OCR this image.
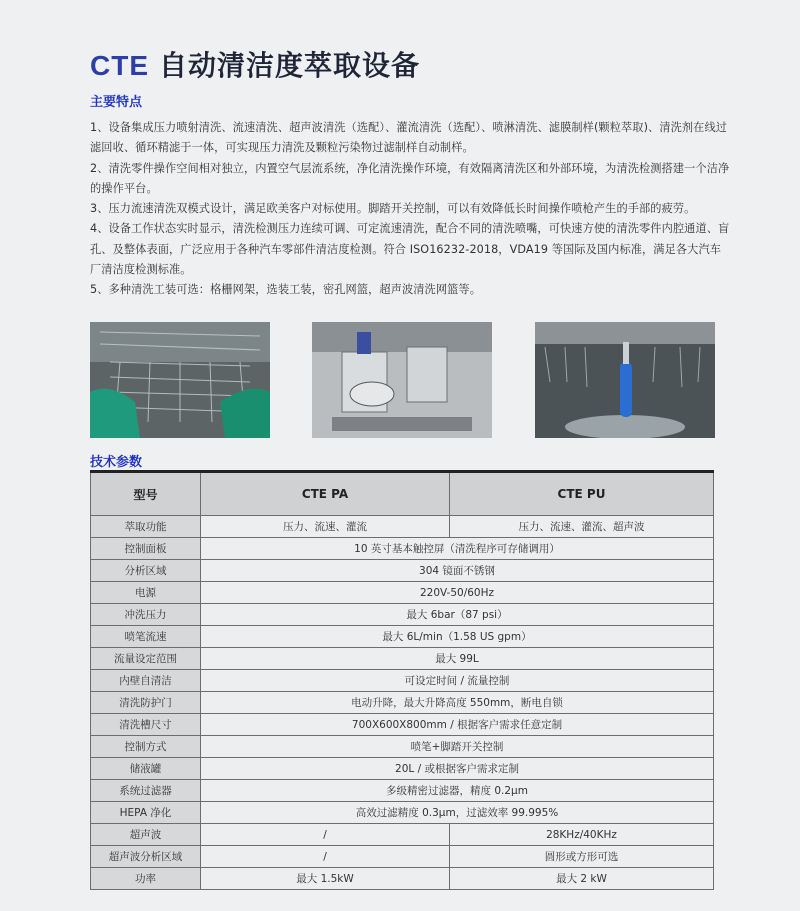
CTE 自动清洁度萃取设备
主要特点

1、设备集成压力喷射清洗、流速清洗、超声波清洗（选配）、灌流清洗（选配）、喷淋清洗、滤膜制样(颗粒萃取)、清洗剂在线过滤回收、循环精滤于一体，可实现压力清洗及颗粒污染物过滤制样自动制样。

2、清洗零件操作空间相对独立，内置空气层流系统，净化清洗操作环境，有效隔离清洗区和外部环境，为清洗检测搭建一个洁净的操作平台。

3、压力流速清洗双模式设计，满足欧美客户对标使用。脚踏开关控制，可以有效降低长时间操作喷枪产生的手部的疲劳。

4、设备工作状态实时显示，清洗检测压力连续可调、可定流速清洗，配合不同的清洗喷嘴，可快速方使的清洗零件内腔通道、盲孔、及整体表面，广泛应用于各种汽车零部件清洁度检测。符合 ISO16232-2018，VDA19 等国际及国内标准，满足各大汽车厂清洁度检测标准。

5、多种清洗工装可选：格栅网架，选装工装，密孔网篮，超声波清洗网篮等。

技术参数
型号	CTE PA	CTE PU
萃取功能	压力、流速、灌流	压力、流速、灌流、超声波
控制面板	10 英寸基本触控屏（清洗程序可存储调用）	
分析区域	304 镜面不锈钢	
电源	220V-50/60Hz	
冲洗压力	最大 6bar（87 psi）	
喷笔流速	最大 6L/min（1.58 US gpm）	
流量设定范围	最大 99L	
内壁自清洁	可设定时间 / 流量控制	
清洗防护门	电动升降，最大升降高度 550mm，断电自锁	
清洗槽尺寸	700X600X800mm / 根据客户需求任意定制	
控制方式	喷笔+脚踏开关控制	
储液罐	20L / 或根据客户需求定制	
系统过滤器	多级精密过滤器，精度 0.2μm	
HEPA 净化	高效过滤精度 0.3μm，过滤效率 99.995%	
超声波	/	28KHz/40KHz
超声波分析区域	/	圆形或方形可选
功率	最大 1.5kW	最大 2 kW
